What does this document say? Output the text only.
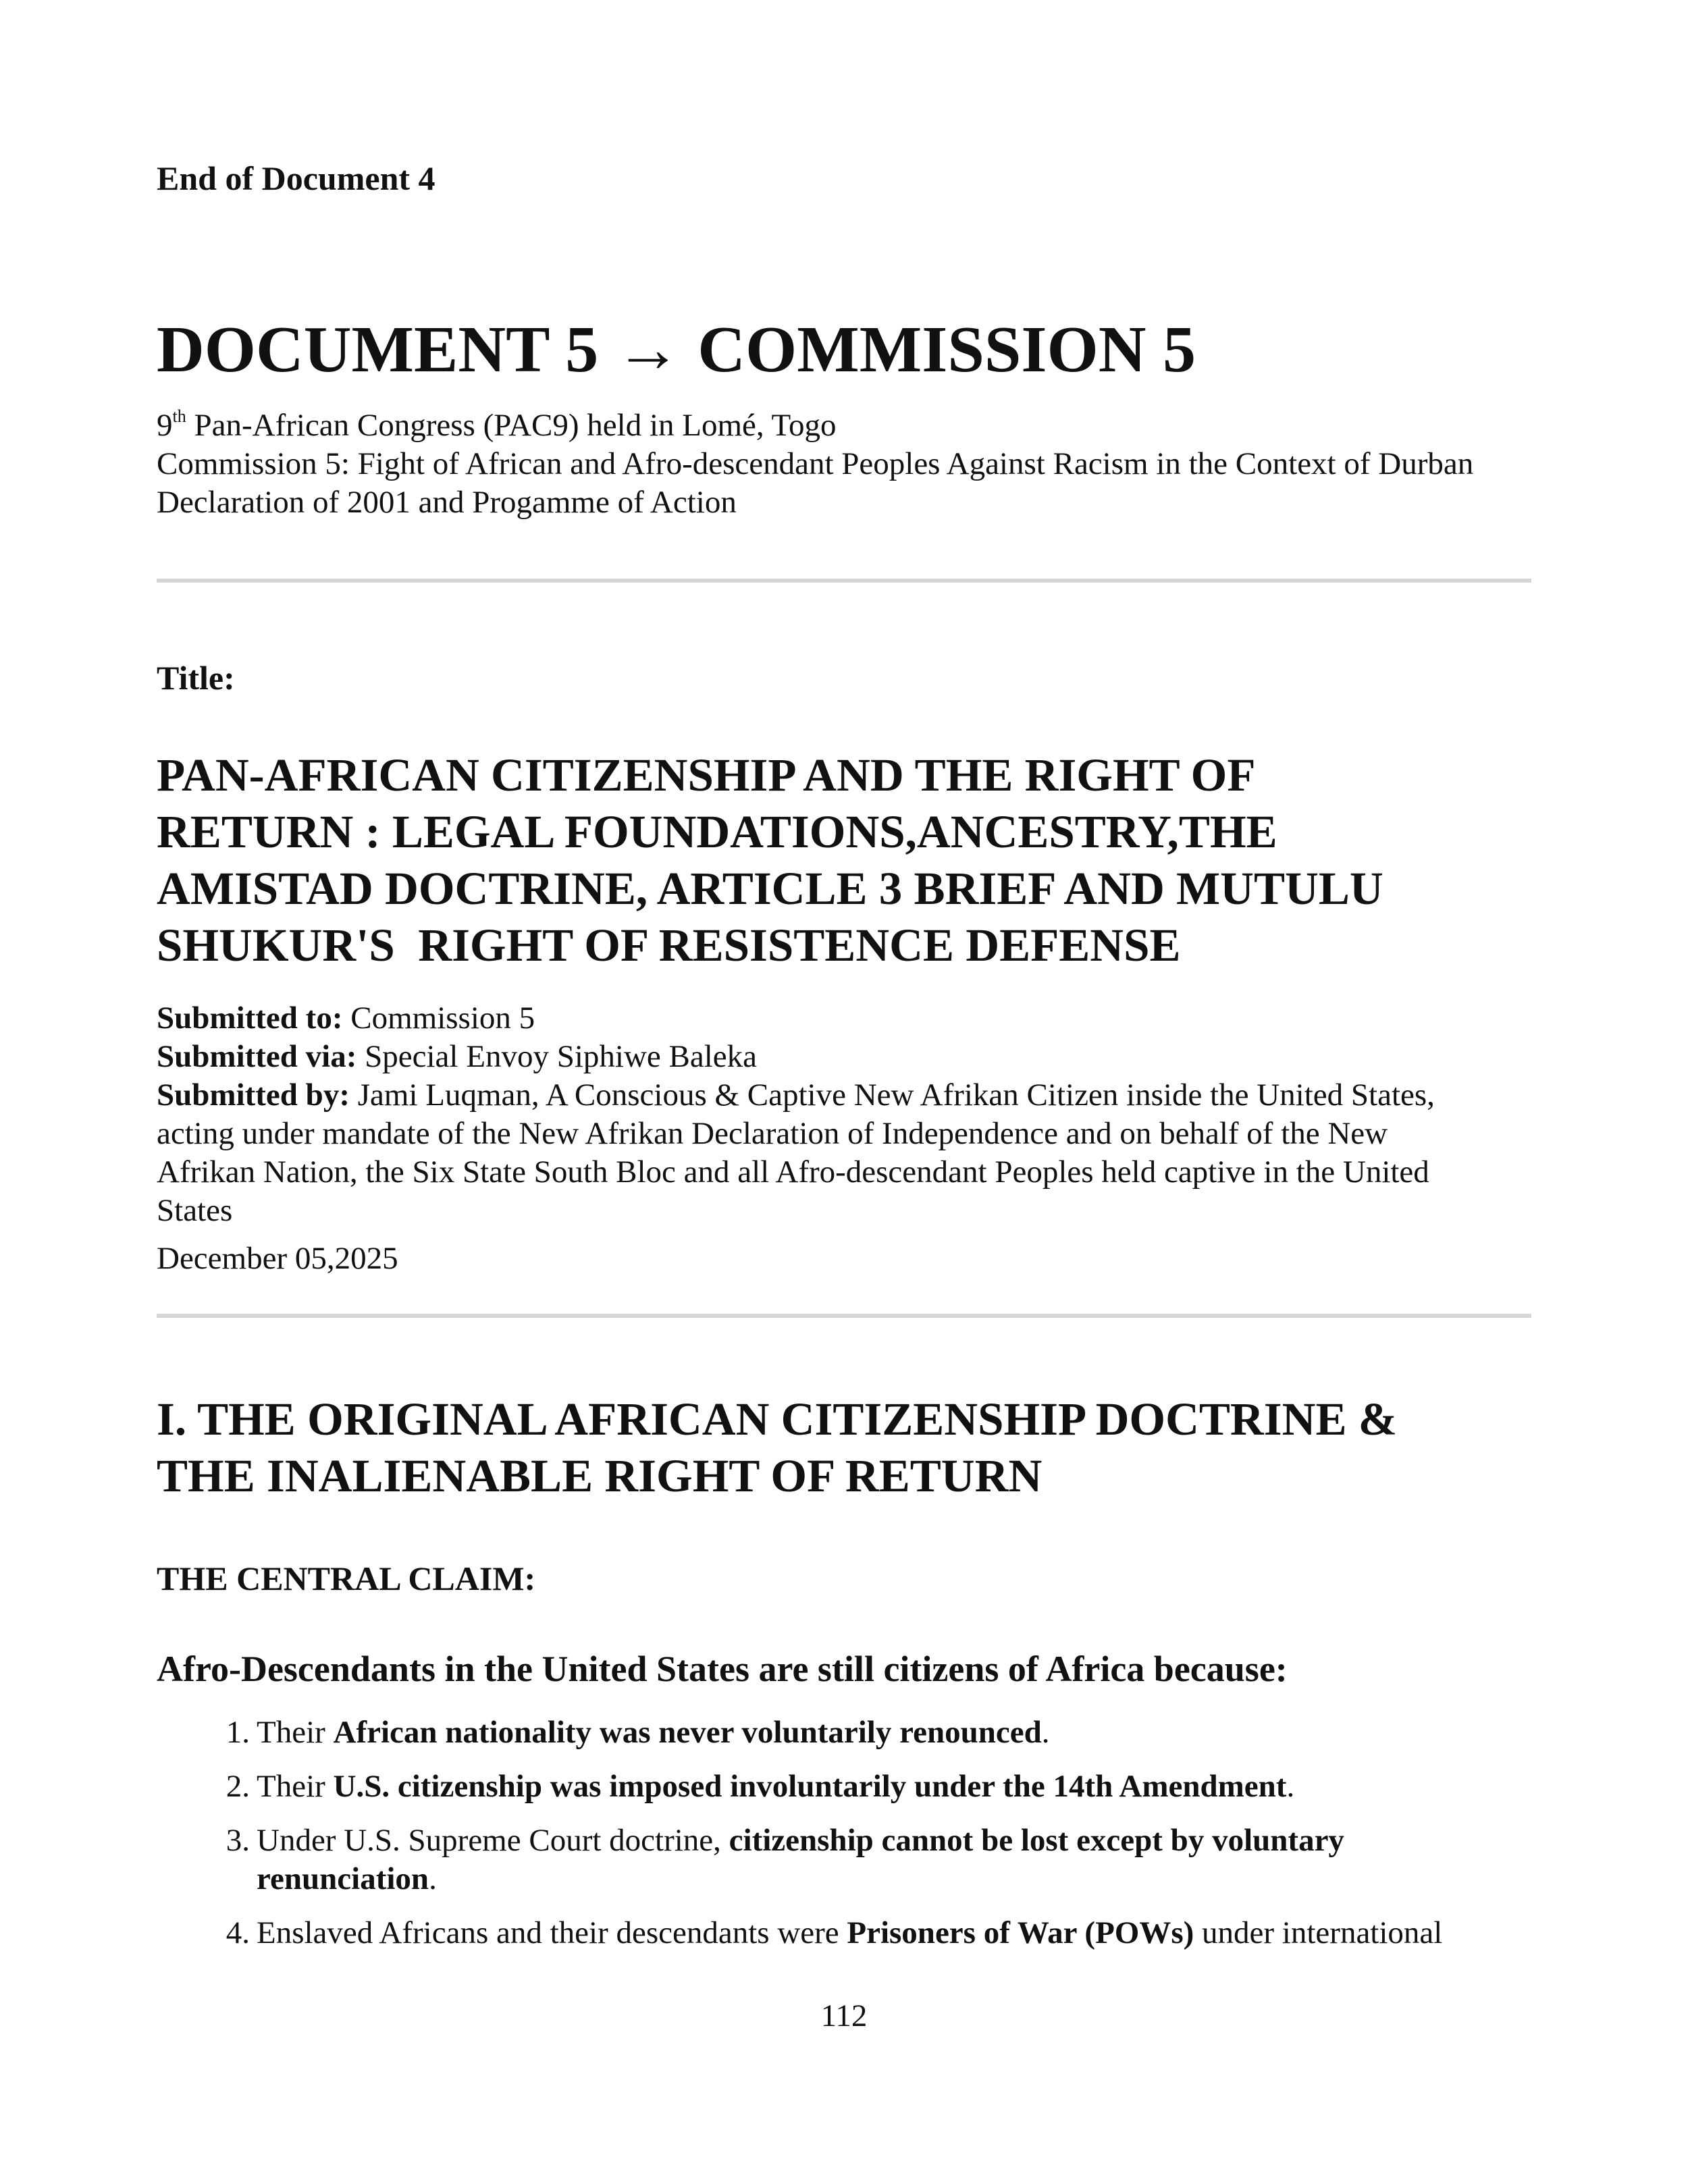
End of Document 4

DOCUMENT 5 → COMMISSION 5
9th Pan-African Congress (PAC9) held in Lomé, Togo
Commission 5: Fight of African and Afro-descendant Peoples Against Racism in the Context of Durban
Declaration of 2001 and Progamme of Action

Title:

PAN-AFRICAN CITIZENSHIP AND THE RIGHT OF
RETURN : LEGAL FOUNDATIONS,ANCESTRY,THE
AMISTAD DOCTRINE, ARTICLE 3 BRIEF AND MUTULU
SHUKUR'S  RIGHT OF RESISTENCE DEFENSE
Submitted to: Commission 5
Submitted via: Special Envoy Siphiwe Baleka
Submitted by: Jami Luqman, A Conscious & Captive New Afrikan Citizen inside the United States,
acting under mandate of the New Afrikan Declaration of Independence and on behalf of the New
Afrikan Nation, the Six State South Bloc and all Afro-descendant Peoples held captive in the United
States
December 05,2025
I. THE ORIGINAL AFRICAN CITIZENSHIP DOCTRINE &
THE INALIENABLE RIGHT OF RETURN

THE CENTRAL CLAIM:

Afro-Descendants in the United States are still citizens of Africa because:

1. Their African nationality was never voluntarily renounced.
2. Their U.S. citizenship was imposed involuntarily under the 14th Amendment.
3. Under U.S. Supreme Court doctrine, citizenship cannot be lost except by voluntary
renunciation.
4. Enslaved Africans and their descendants were Prisoners of War (POWs) under international
112
